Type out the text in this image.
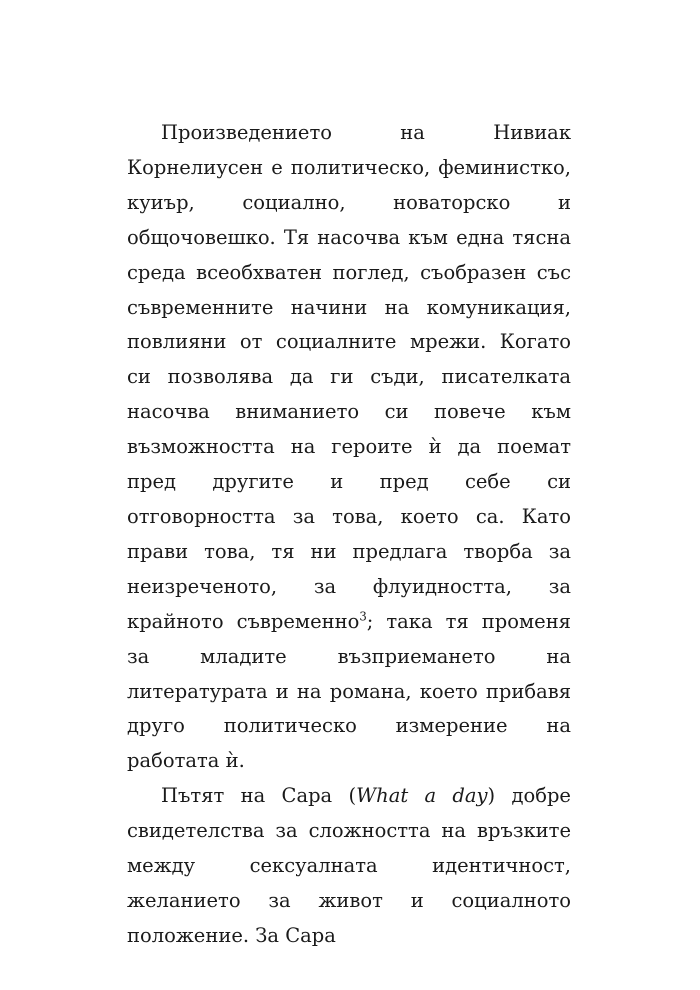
Произведението на Нивиак Корнелиусен е политическо, феминистко, куиър, социално, новаторско и общочовешко. Тя насочва към една тясна среда всеобхватен поглед, съобразен със съвременните начини на комуникация, повлияни от социалните мрежи. Когато си позволява да ги съди, писателката насочва вниманието си повече към възможността на героите ѝ да поемат пред другите и пред себе си отговорността за това, което са. Като прави това, тя ни предлага творба за неизреченото, за флуидността, за крайното съвременно$^3$; така тя променя за младите възприемането на литературата и на романа, което прибавя друго политическо измерение на работата ѝ.

Пътят на Сара (What a day) добре свидетелства за сложността на връзките между сексуалната идентичност, желанието за живот и социалното положение. За Сара
